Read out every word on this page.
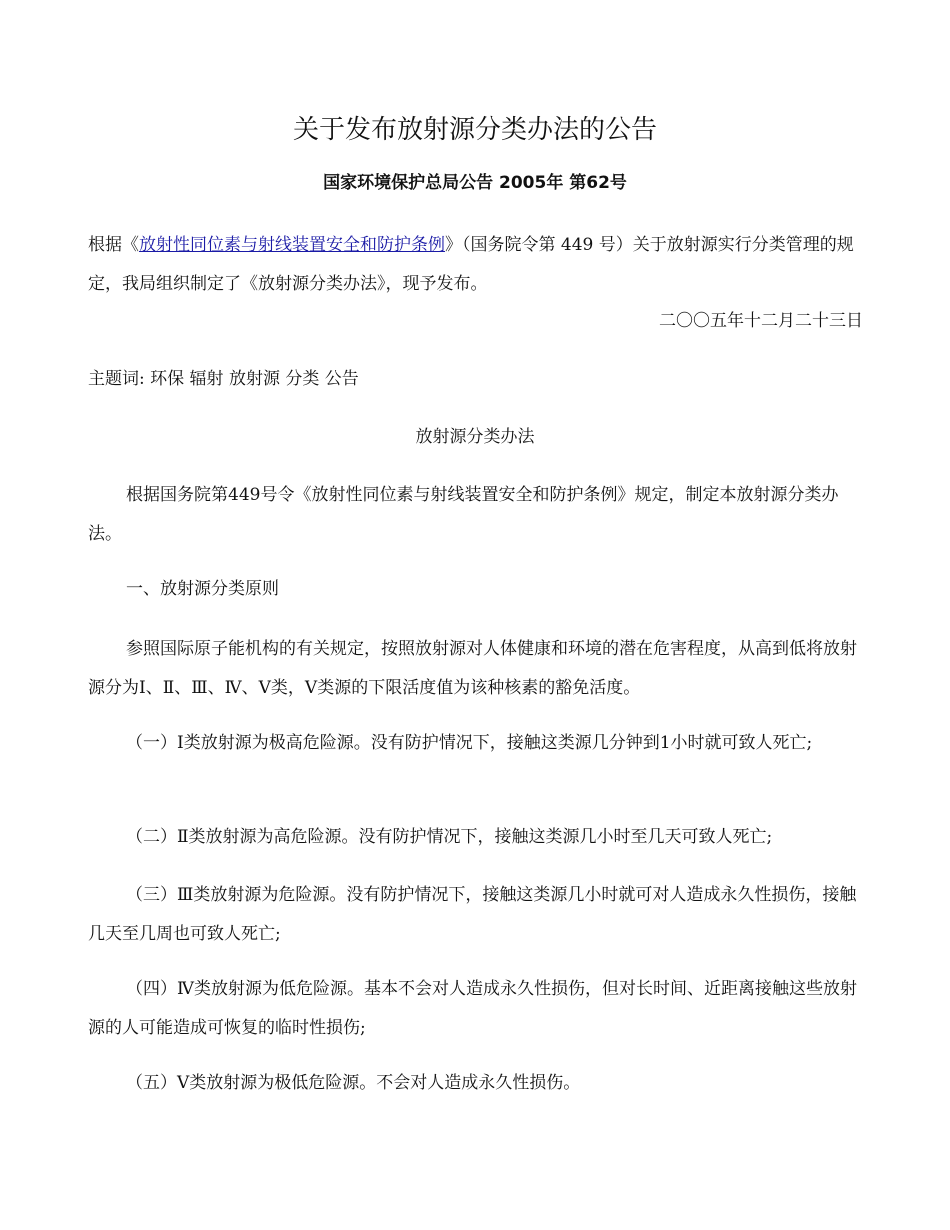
关于发布放射源分类办法的公告

国家环境保护总局公告 2005年 第62号

根据《放射性同位素与射线装置安全和防护条例》（国务院令第 449 号）关于放射源实行分类管理的规定，我局组织制定了《放射源分类办法》，现予发布。

二〇〇五年十二月二十三日

主题词: 环保 辐射 放射源 分类 公告

放射源分类办法

根据国务院第449号令《放射性同位素与射线装置安全和防护条例》规定，制定本放射源分类办法。

一、放射源分类原则

参照国际原子能机构的有关规定，按照放射源对人体健康和环境的潜在危害程度，从高到低将放射源分为Ⅰ、Ⅱ、Ⅲ、Ⅳ、Ⅴ类，Ⅴ类源的下限活度值为该种核素的豁免活度。

（一）Ⅰ类放射源为极高危险源。没有防护情况下，接触这类源几分钟到1小时就可致人死亡;

（二）Ⅱ类放射源为高危险源。没有防护情况下，接触这类源几小时至几天可致人死亡;

（三）Ⅲ类放射源为危险源。没有防护情况下，接触这类源几小时就可对人造成永久性损伤，接触几天至几周也可致人死亡;

（四）Ⅳ类放射源为低危险源。基本不会对人造成永久性损伤，但对长时间、近距离接触这些放射源的人可能造成可恢复的临时性损伤;

（五）Ⅴ类放射源为极低危险源。不会对人造成永久性损伤。
